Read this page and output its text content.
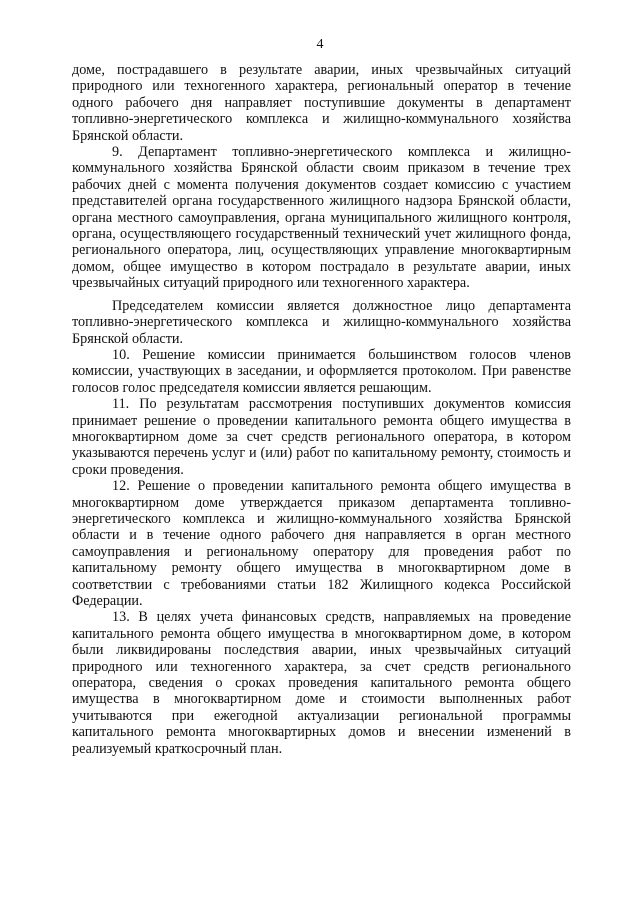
4

доме, пострадавшего в результате аварии, иных чрезвычайных ситуаций природного или техногенного характера, региональный оператор в течение одного рабочего дня направляет поступившие документы в департамент топливно-энергетического комплекса и жилищно-коммунального хозяйства Брянской области.

9. Департамент топливно-энергетического комплекса и жилищно-коммунального хозяйства Брянской области своим приказом в течение трех рабочих дней с момента получения документов создает комиссию с участием представителей органа государственного жилищного надзора Брянской области, органа местного самоуправления, органа муниципального жилищного контроля, органа, осуществляющего государственный технический учет жилищного фонда, регионального оператора, лиц, осуществляющих управление многоквартирным домом, общее имущество в котором пострадало в результате аварии, иных чрезвычайных ситуаций природного или техногенного характера.

Председателем комиссии является должностное лицо департамента топливно-энергетического комплекса и жилищно-коммунального хозяйства Брянской области.

10. Решение комиссии принимается большинством голосов членов комиссии, участвующих в заседании, и оформляется протоколом. При равенстве голосов голос председателя комиссии является решающим.

11. По результатам рассмотрения поступивших документов комиссия принимает решение о проведении капитального ремонта общего имущества в многоквартирном доме за счет средств регионального оператора, в котором указываются перечень услуг и (или) работ по капитальному ремонту, стоимость и сроки проведения.

12. Решение о проведении капитального ремонта общего имущества в многоквартирном доме утверждается приказом департамента топливно-энергетического комплекса и жилищно-коммунального хозяйства Брянской области и в течение одного рабочего дня направляется в орган местного самоуправления и региональному оператору для проведения работ по капитальному ремонту общего имущества в многоквартирном доме в соответствии с требованиями статьи 182 Жилищного кодекса Российской Федерации.

13. В целях учета финансовых средств, направляемых на проведение капитального ремонта общего имущества в многоквартирном доме, в котором были ликвидированы последствия аварии, иных чрезвычайных ситуаций природного или техногенного характера, за счет средств регионального оператора, сведения о сроках проведения капитального ремонта общего имущества в многоквартирном доме и стоимости выполненных работ учитываются при ежегодной актуализации региональной программы капитального ремонта многоквартирных домов и внесении изменений в реализуемый краткосрочный план.
